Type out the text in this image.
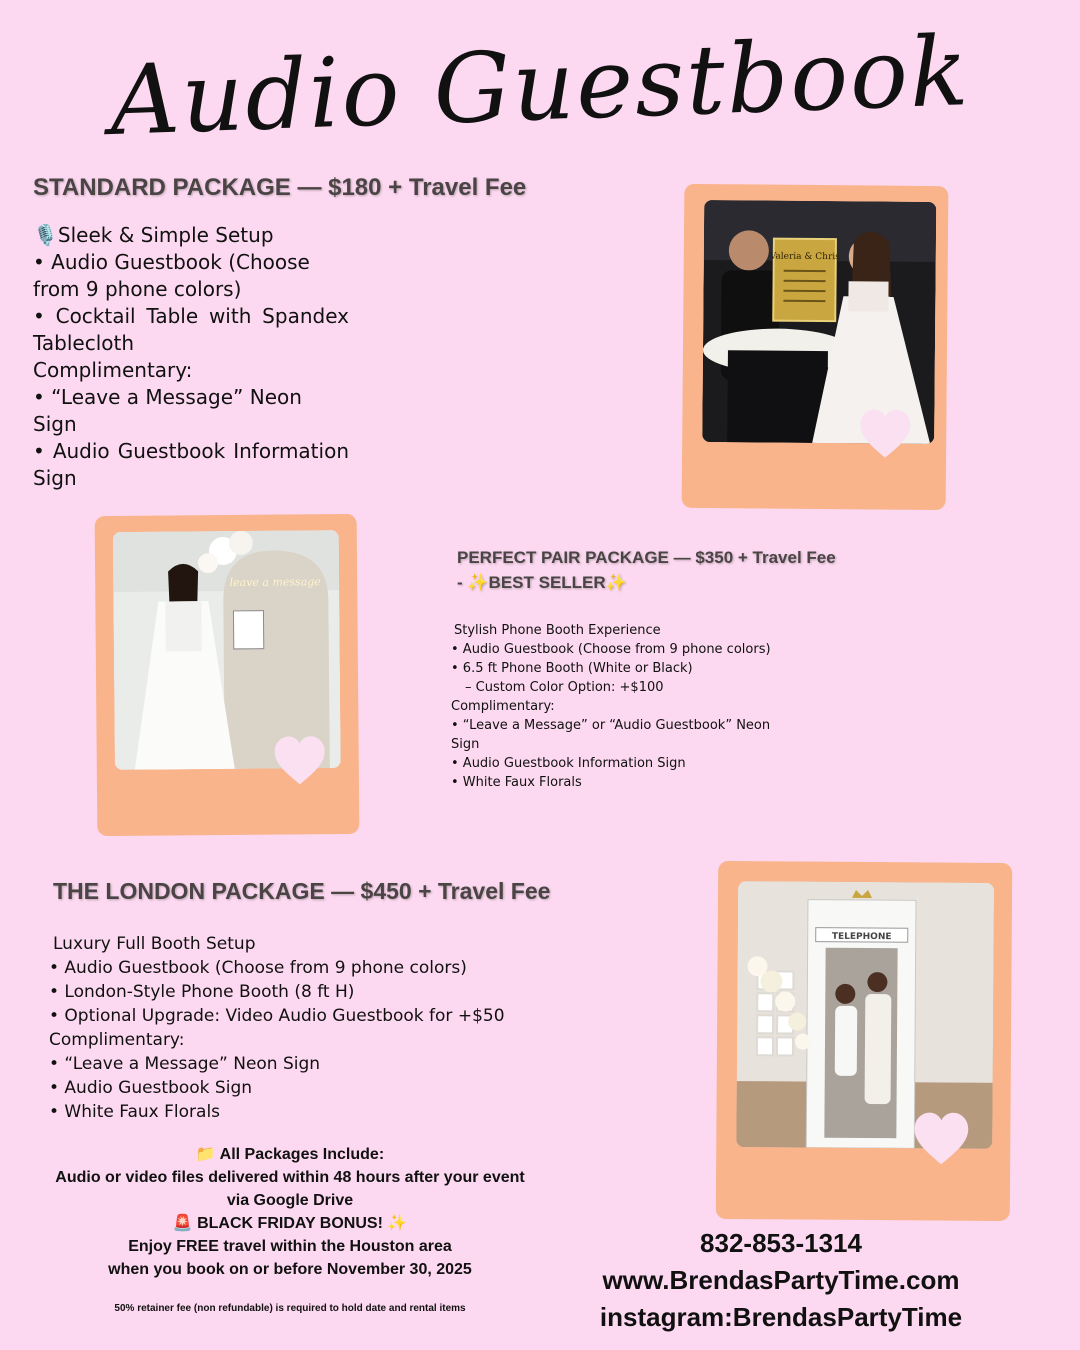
Audio Guestbook
STANDARD PACKAGE — $180 + Travel Fee
🎙️Sleek & Simple Setup
• Audio Guestbook (Choose from 9 phone colors)
• Cocktail Table with Spandex Tablecloth
Complimentary:
• “Leave a Message” Neon Sign
• Audio Guestbook Information Sign
Valeria & Chris
leave a message
PERFECT PAIR PACKAGE — $350 + Travel Fee
- ✨BEST SELLER✨
Stylish Phone Booth Experience
• Audio Guestbook (Choose from 9 phone colors)
• 6.5 ft Phone Booth (White or Black)
– Custom Color Option: +$100
Complimentary:
• “Leave a Message” or “Audio Guestbook” Neon Sign
• Audio Guestbook Information Sign
• White Faux Florals
THE LONDON PACKAGE — $450 + Travel Fee
Luxury Full Booth Setup
• Audio Guestbook (Choose from 9 phone colors)
• London-Style Phone Booth (8 ft H)
• Optional Upgrade: Video Audio Guestbook for +$50
Complimentary:
• “Leave a Message” Neon Sign
• Audio Guestbook Sign
• White Faux Florals
TELEPHONE
📁 All Packages Include:
Audio or video files delivered within 48 hours after your event via Google Drive
🚨 BLACK FRIDAY BONUS! ✨
Enjoy FREE travel within the Houston area
when you book on or before November 30, 2025
50% retainer fee (non refundable) is required to hold date and rental items
832-853-1314
www.BrendasPartyTime.com
instagram:BrendasPartyTime
